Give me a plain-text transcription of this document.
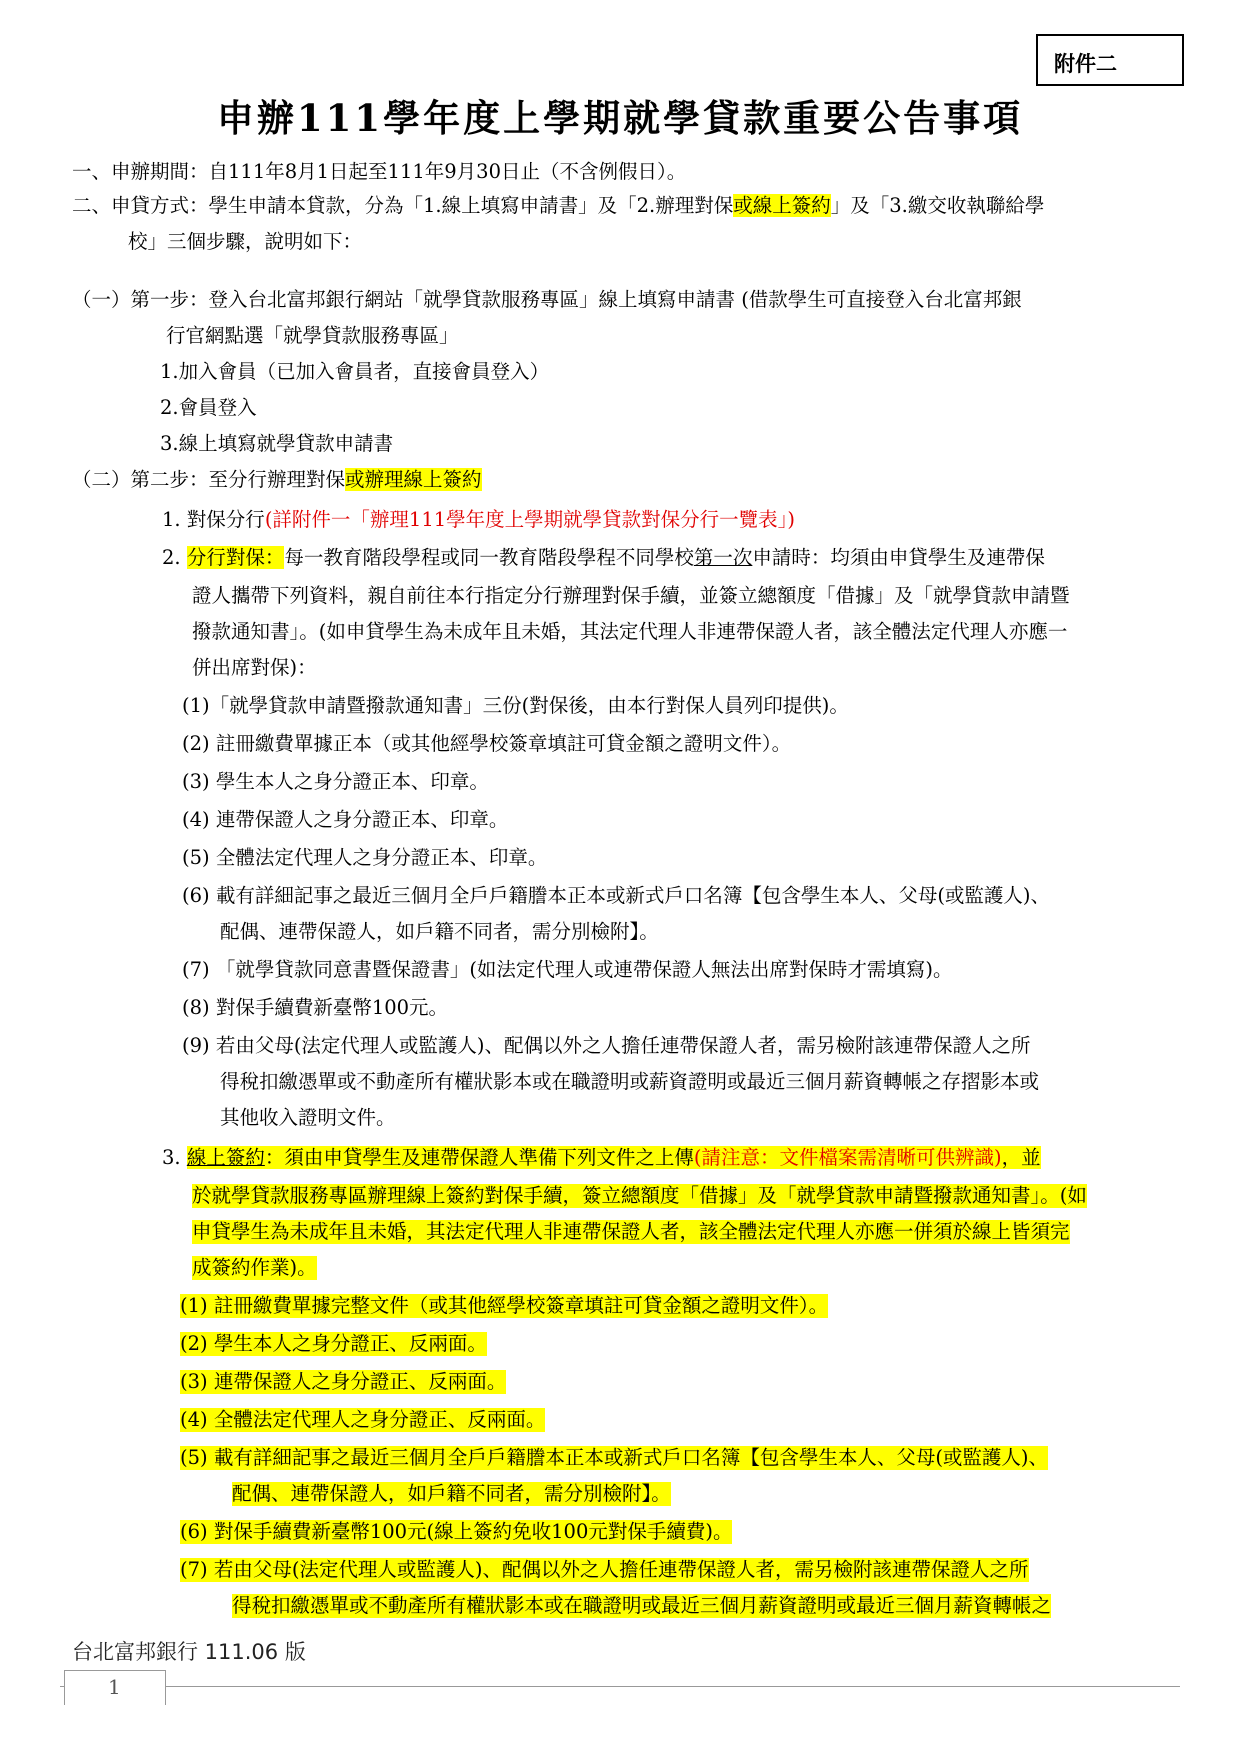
附件二
申辦111學年度上學期就學貸款重要公告事項
一、申辦期間：自111年8月1日起至111年9月30日止（不含例假日）。
二、申貸方式：學生申請本貸款，分為「1.線上填寫申請書」及「2.辦理對保或線上簽約」及「3.繳交收執聯給學
校」三個步驟，說明如下：
（一）第一步：登入台北富邦銀行網站「就學貸款服務專區」線上填寫申請書 (借款學生可直接登入台北富邦銀
行官網點選「就學貸款服務專區」
1.加入會員（已加入會員者，直接會員登入）
2.會員登入
3.線上填寫就學貸款申請書
（二）第二步：至分行辦理對保或辦理線上簽約
1. 對保分行(詳附件一「辦理111學年度上學期就學貸款對保分行一覽表」)
2. 分行對保：每一教育階段學程或同一教育階段學程不同學校第一次申請時：均須由申貸學生及連帶保
證人攜帶下列資料，親自前往本行指定分行辦理對保手續，並簽立總額度「借據」及「就學貸款申請暨
撥款通知書」。(如申貸學生為未成年且未婚，其法定代理人非連帶保證人者，該全體法定代理人亦應一
併出席對保)：
(1)「就學貸款申請暨撥款通知書」三份(對保後，由本行對保人員列印提供)。
(2) 註冊繳費單據正本（或其他經學校簽章填註可貸金額之證明文件）。
(3) 學生本人之身分證正本、印章。
(4) 連帶保證人之身分證正本、印章。
(5) 全體法定代理人之身分證正本、印章。
(6) 載有詳細記事之最近三個月全戶戶籍謄本正本或新式戶口名簿【包含學生本人、父母(或監護人)、
配偶、連帶保證人，如戶籍不同者，需分別檢附】。
(7) 「就學貸款同意書暨保證書」(如法定代理人或連帶保證人無法出席對保時才需填寫)。
(8) 對保手續費新臺幣100元。
(9) 若由父母(法定代理人或監護人)、配偶以外之人擔任連帶保證人者，需另檢附該連帶保證人之所
得稅扣繳憑單或不動產所有權狀影本或在職證明或薪資證明或最近三個月薪資轉帳之存摺影本或
其他收入證明文件。
3. 線上簽約：須由申貸學生及連帶保證人準備下列文件之上傳(請注意：文件檔案需清晰可供辨識)，並
於就學貸款服務專區辦理線上簽約對保手續，簽立總額度「借據」及「就學貸款申請暨撥款通知書」。(如
申貸學生為未成年且未婚，其法定代理人非連帶保證人者，該全體法定代理人亦應一併須於線上皆須完
成簽約作業)。
(1) 註冊繳費單據完整文件（或其他經學校簽章填註可貸金額之證明文件）。
(2) 學生本人之身分證正、反兩面。
(3) 連帶保證人之身分證正、反兩面。
(4) 全體法定代理人之身分證正、反兩面。
(5) 載有詳細記事之最近三個月全戶戶籍謄本正本或新式戶口名簿【包含學生本人、父母(或監護人)、
配偶、連帶保證人，如戶籍不同者，需分別檢附】。
(6) 對保手續費新臺幣100元(線上簽約免收100元對保手續費)。
(7) 若由父母(法定代理人或監護人)、配偶以外之人擔任連帶保證人者，需另檢附該連帶保證人之所
得稅扣繳憑單或不動產所有權狀影本或在職證明或最近三個月薪資證明或最近三個月薪資轉帳之
台北富邦銀行 111.06 版
1
